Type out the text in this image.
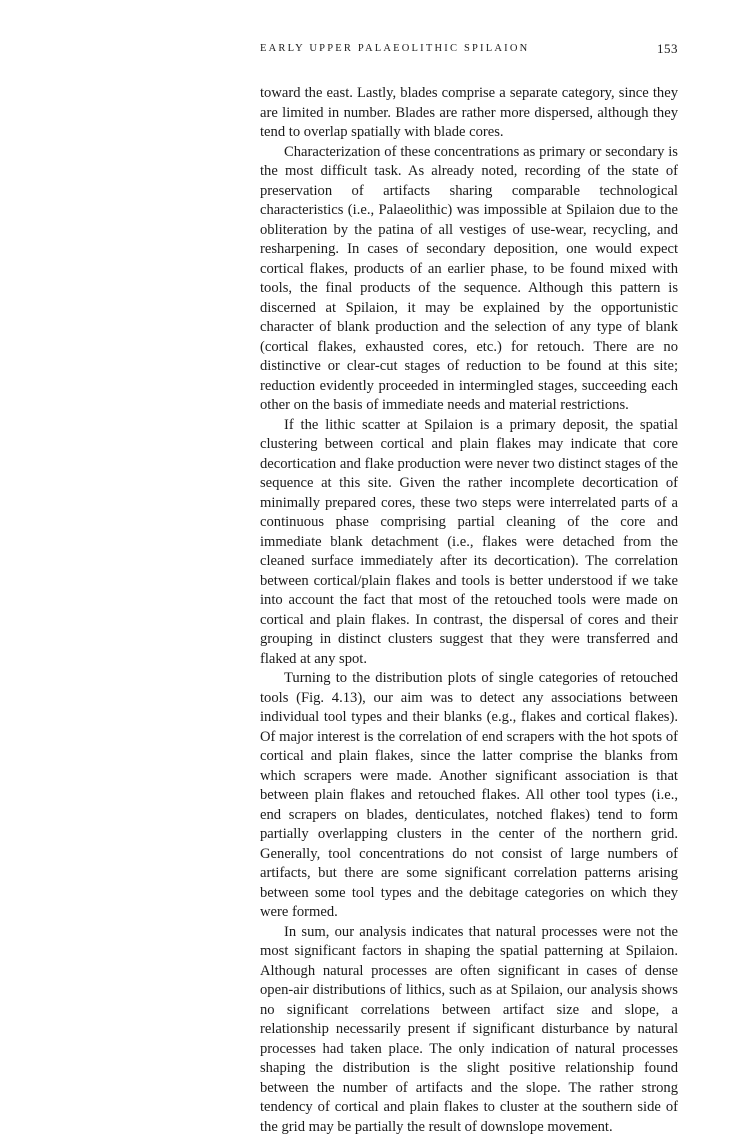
EARLY UPPER PALAEOLITHIC SPILAION	153

toward the east. Lastly, blades comprise a separate category, since they are limited in number. Blades are rather more dispersed, although they tend to overlap spatially with blade cores.

Characterization of these concentrations as primary or secondary is the most difficult task. As already noted, recording of the state of preservation of artifacts sharing comparable technological characteristics (i.e., Palaeolithic) was impossible at Spilaion due to the obliteration by the patina of all vestiges of use-wear, recycling, and resharpening. In cases of secondary deposition, one would expect cortical flakes, products of an earlier phase, to be found mixed with tools, the final products of the sequence. Although this pattern is discerned at Spilaion, it may be explained by the opportunistic character of blank production and the selection of any type of blank (cortical flakes, exhausted cores, etc.) for retouch. There are no distinctive or clear-cut stages of reduction to be found at this site; reduction evidently proceeded in intermingled stages, succeeding each other on the basis of immediate needs and material restrictions.

If the lithic scatter at Spilaion is a primary deposit, the spatial clustering between cortical and plain flakes may indicate that core decortication and flake production were never two distinct stages of the sequence at this site. Given the rather incomplete decortication of minimally prepared cores, these two steps were interrelated parts of a continuous phase comprising partial cleaning of the core and immediate blank detachment (i.e., flakes were detached from the cleaned surface immediately after its decortication). The correlation between cortical/plain flakes and tools is better understood if we take into account the fact that most of the retouched tools were made on cortical and plain flakes. In contrast, the dispersal of cores and their grouping in distinct clusters suggest that they were transferred and flaked at any spot.

Turning to the distribution plots of single categories of retouched tools (Fig. 4.13), our aim was to detect any associations between individual tool types and their blanks (e.g., flakes and cortical flakes). Of major interest is the correlation of end scrapers with the hot spots of cortical and plain flakes, since the latter comprise the blanks from which scrapers were made. Another significant association is that between plain flakes and retouched flakes. All other tool types (i.e., end scrapers on blades, denticulates, notched flakes) tend to form partially overlapping clusters in the center of the northern grid. Generally, tool concentrations do not consist of large numbers of artifacts, but there are some significant correlation patterns arising between some tool types and the debitage categories on which they were formed.

In sum, our analysis indicates that natural processes were not the most significant factors in shaping the spatial patterning at Spilaion. Although natural processes are often significant in cases of dense open-air distributions of lithics, such as at Spilaion, our analysis shows no significant correlations between artifact size and slope, a relationship necessarily present if significant disturbance by natural processes had taken place. The only indication of natural processes shaping the distribution is the slight positive relationship found between the number of artifacts and the slope. The rather strong tendency of cortical and plain flakes to cluster at the southern side of the grid may be partially the result of downslope movement.
